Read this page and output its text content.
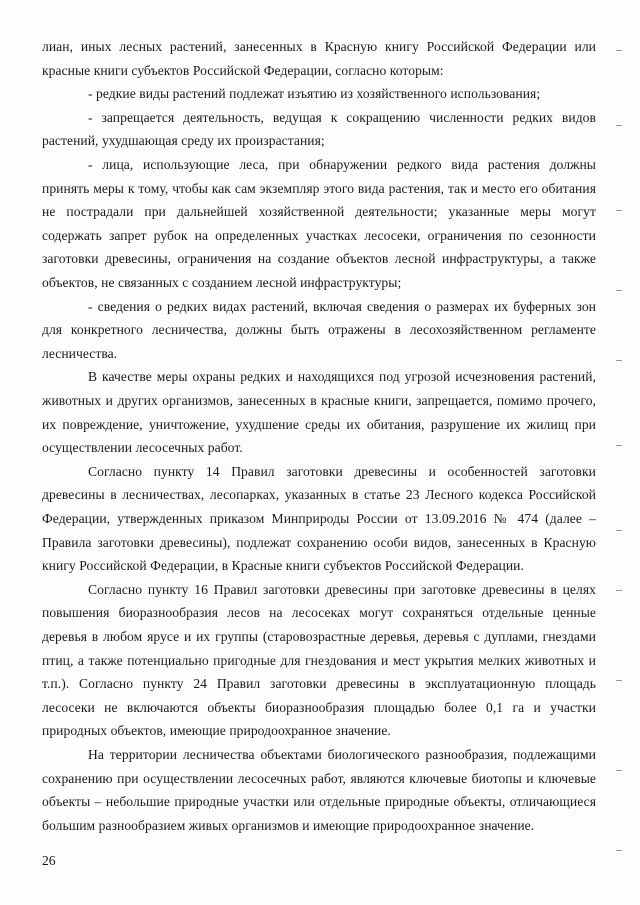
лиан, иных лесных растений, занесенных в Красную книгу Российской Федерации или
красные книги субъектов Российской Федерации, согласно которым:
- редкие виды растений подлежат изъятию из хозяйственного использования;
- запрещается деятельность, ведущая к сокращению численности редких видов
растений, ухудшающая среду их произрастания;
- лица, использующие леса, при обнаружении редкого вида растения должны
принять меры к тому, чтобы как сам экземпляр этого вида растения, так и место его обитания
не пострадали при дальнейшей хозяйственной деятельности; указанные меры могут
содержать запрет рубок на определенных участках лесосеки, ограничения по сезонности
заготовки древесины, ограничения на создание объектов лесной инфраструктуры, а также
объектов, не связанных с созданием лесной инфраструктуры;
- сведения о редких видах растений, включая сведения о размерах их буферных зон
для конкретного лесничества, должны быть отражены в лесохозяйственном регламенте
лесничества.
В качестве меры охраны редких и находящихся под угрозой исчезновения растений,
животных и других организмов, занесенных в красные книги, запрещается, помимо прочего,
их повреждение, уничтожение, ухудшение среды их обитания, разрушение их жилищ при
осуществлении лесосечных работ.
Согласно пункту 14 Правил заготовки древесины и особенностей заготовки
древесины в лесничествах, лесопарках, указанных в статье 23 Лесного кодекса Российской
Федерации, утвержденных приказом Минприроды России от 13.09.2016 № 474 (далее –
Правила заготовки древесины), подлежат сохранению особи видов, занесенных в Красную
книгу Российской Федерации, в Красные книги субъектов Российской Федерации.
Согласно пункту 16 Правил заготовки древесины при заготовке древесины в целях
повышения биоразнообразия лесов на лесосеках могут сохраняться отдельные ценные
деревья в любом ярусе и их группы (старовозрастные деревья, деревья с дуплами, гнездами
птиц, а также потенциально пригодные для гнездования и мест укрытия мелких животных и
т.п.). Согласно пункту 24 Правил заготовки древесины в эксплуатационную площадь
лесосеки не включаются объекты биоразнообразия площадью более 0,1 га и участки
природных объектов, имеющие природоохранное значение.
На территории лесничества объектами биологического разнообразия, подлежащими
сохранению при осуществлении лесосечных работ, являются ключевые биотопы и ключевые
объекты – небольшие природные участки или отдельные природные объекты, отличающиеся
большим разнообразием живых организмов и имеющие природоохранное значение.
26
